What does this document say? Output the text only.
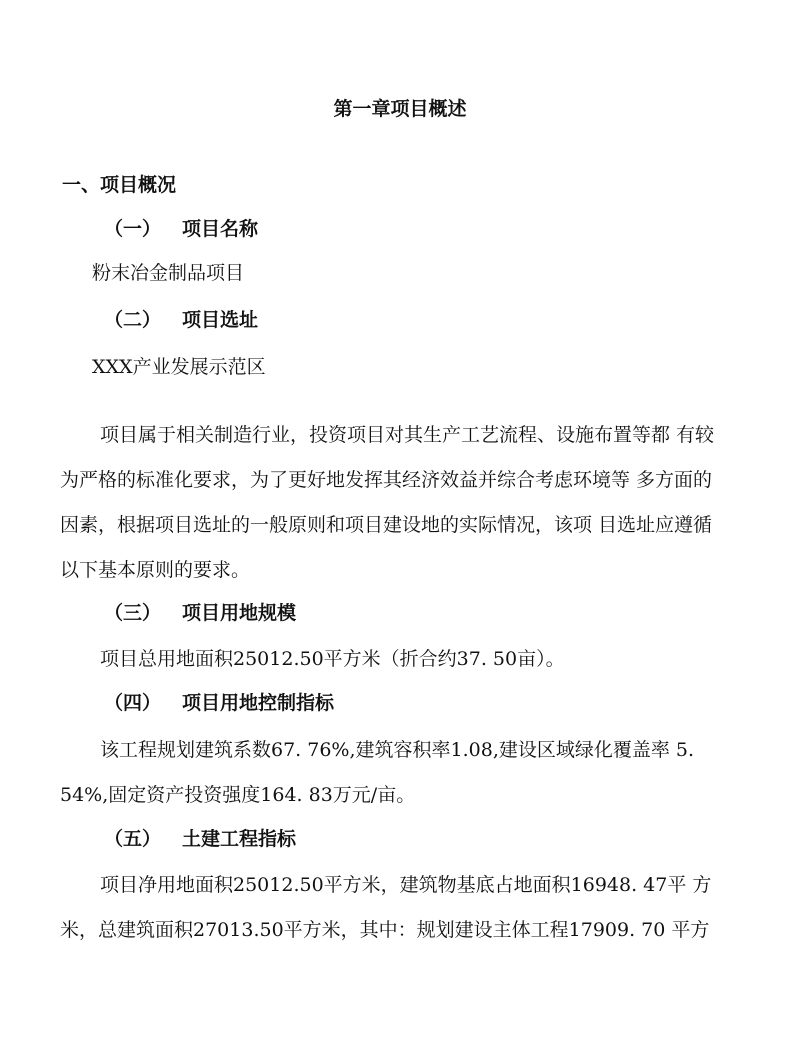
第一章项目概述
一、项目概况
（一） 项目名称
粉末冶金制品项目
（二） 项目选址
XXX产业发展示范区
项目属于相关制造行业，投资项目对其生产工艺流程、设施布置等都 有较
为严格的标准化要求，为了更好地发挥其经济效益并综合考虑环境等 多方面的
因素，根据项目选址的一般原则和项目建设地的实际情况，该项 目选址应遵循
以下基本原则的要求。
（三） 项目用地规模
项目总用地面积25012.50平方米（折合约37. 50亩）。
（四） 项目用地控制指标
该工程规划建筑系数67. 76%,建筑容积率1.08,建设区域绿化覆盖率 5.
54%,固定资产投资强度164. 83万元/亩。
（五） 土建工程指标
项目净用地面积25012.50平方米，建筑物基底占地面积16948. 47平 方
米，总建筑面积27013.50平方米，其中：规划建设主体工程17909. 70 平方
